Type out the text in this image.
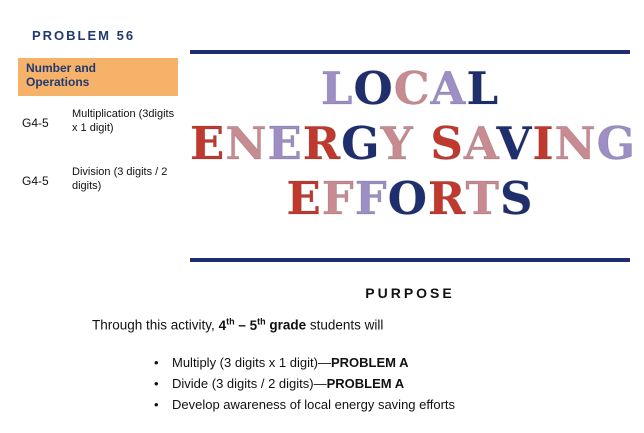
PROBLEM 56
Number and
Operations
G4-5
Multiplication (3digits x 1 digit)
G4-5
Division (3 digits / 2 digits)
LOCAL
ENERGY SAVING
EFFORTS
PURPOSE
Through this activity, 4th – 5th grade students will
• Multiply (3 digits x 1 digit)—PROBLEM A
• Divide (3 digits / 2 digits)—PROBLEM A
• Develop awareness of local energy saving efforts
